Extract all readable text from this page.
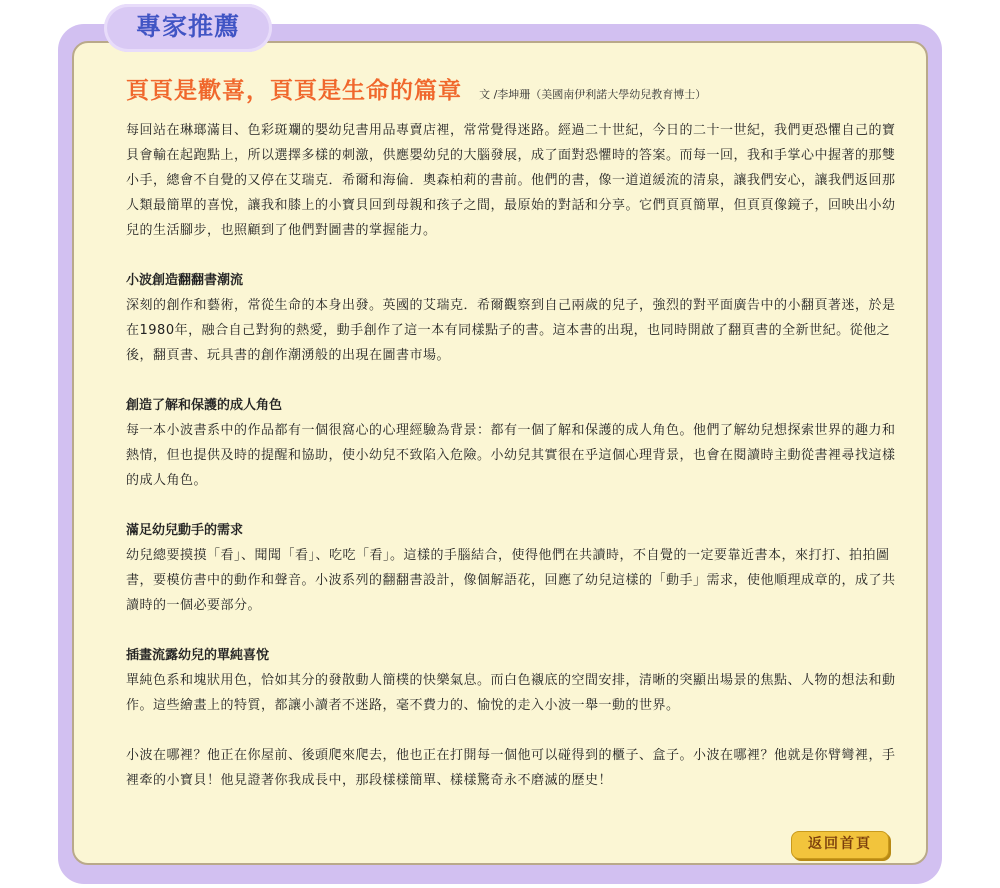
專家推薦
頁頁是歡喜，頁頁是生命的篇章 文 /李坤珊（美國南伊利諾大學幼兒教育博士）

每回站在琳瑯滿目、色彩斑斕的嬰幼兒書用品專賣店裡，常常覺得迷路。經過二十世紀，今日的二十一世紀，我們更恐懼自己的寶貝會輸在起跑點上，所以選擇多樣的刺激，供應嬰幼兒的大腦發展，成了面對恐懼時的答案。而每一回，我和手掌心中握著的那雙小手，總會不自覺的又停在艾瑞克．希爾和海倫．奧森柏莉的書前。他們的書，像一道道緩流的清泉，讓我們安心，讓我們返回那人類最簡單的喜悅，讓我和膝上的小寶貝回到母親和孩子之間，最原始的對話和分享。它們頁頁簡單，但頁頁像鏡子，回映出小幼兒的生活腳步，也照顧到了他們對圖書的掌握能力。

小波創造翻翻書潮流

深刻的創作和藝術，常從生命的本身出發。英國的艾瑞克．希爾觀察到自己兩歲的兒子，強烈的對平面廣告中的小翻頁著迷，於是在1980年，融合自己對狗的熱愛，動手創作了這一本有同樣點子的書。這本書的出現，也同時開啟了翻頁書的全新世紀。從他之後，翻頁書、玩具書的創作潮湧般的出現在圖書市場。

創造了解和保護的成人角色

每一本小波書系中的作品都有一個很窩心的心理經驗為背景：都有一個了解和保護的成人角色。他們了解幼兒想探索世界的趣力和熱情，但也提供及時的提醒和協助，使小幼兒不致陷入危險。小幼兒其實很在乎這個心理背景，也會在閱讀時主動從書裡尋找這樣的成人角色。

滿足幼兒動手的需求

幼兒總要摸摸「看」、聞聞「看」、吃吃「看」。這樣的手腦結合，使得他們在共讀時，不自覺的一定要靠近書本，來打打、拍拍圖書，要模仿書中的動作和聲音。小波系列的翻翻書設計，像個解語花，回應了幼兒這樣的「動手」需求，使他順理成章的，成了共讀時的一個必要部分。

插畫流露幼兒的單純喜悅

單純色系和塊狀用色，恰如其分的發散動人簡樸的快樂氣息。而白色襯底的空間安排，清晰的突顯出場景的焦點、人物的想法和動作。這些繪畫上的特質，都讓小讀者不迷路，毫不費力的、愉悅的走入小波一舉一動的世界。

小波在哪裡？他正在你屋前、後頭爬來爬去，他也正在打開每一個他可以碰得到的櫃子、盒子。小波在哪裡？他就是你臂彎裡，手裡牽的小寶貝！他見證著你我成長中，那段樣樣簡單、樣樣驚奇永不磨滅的歷史！

返回首頁
